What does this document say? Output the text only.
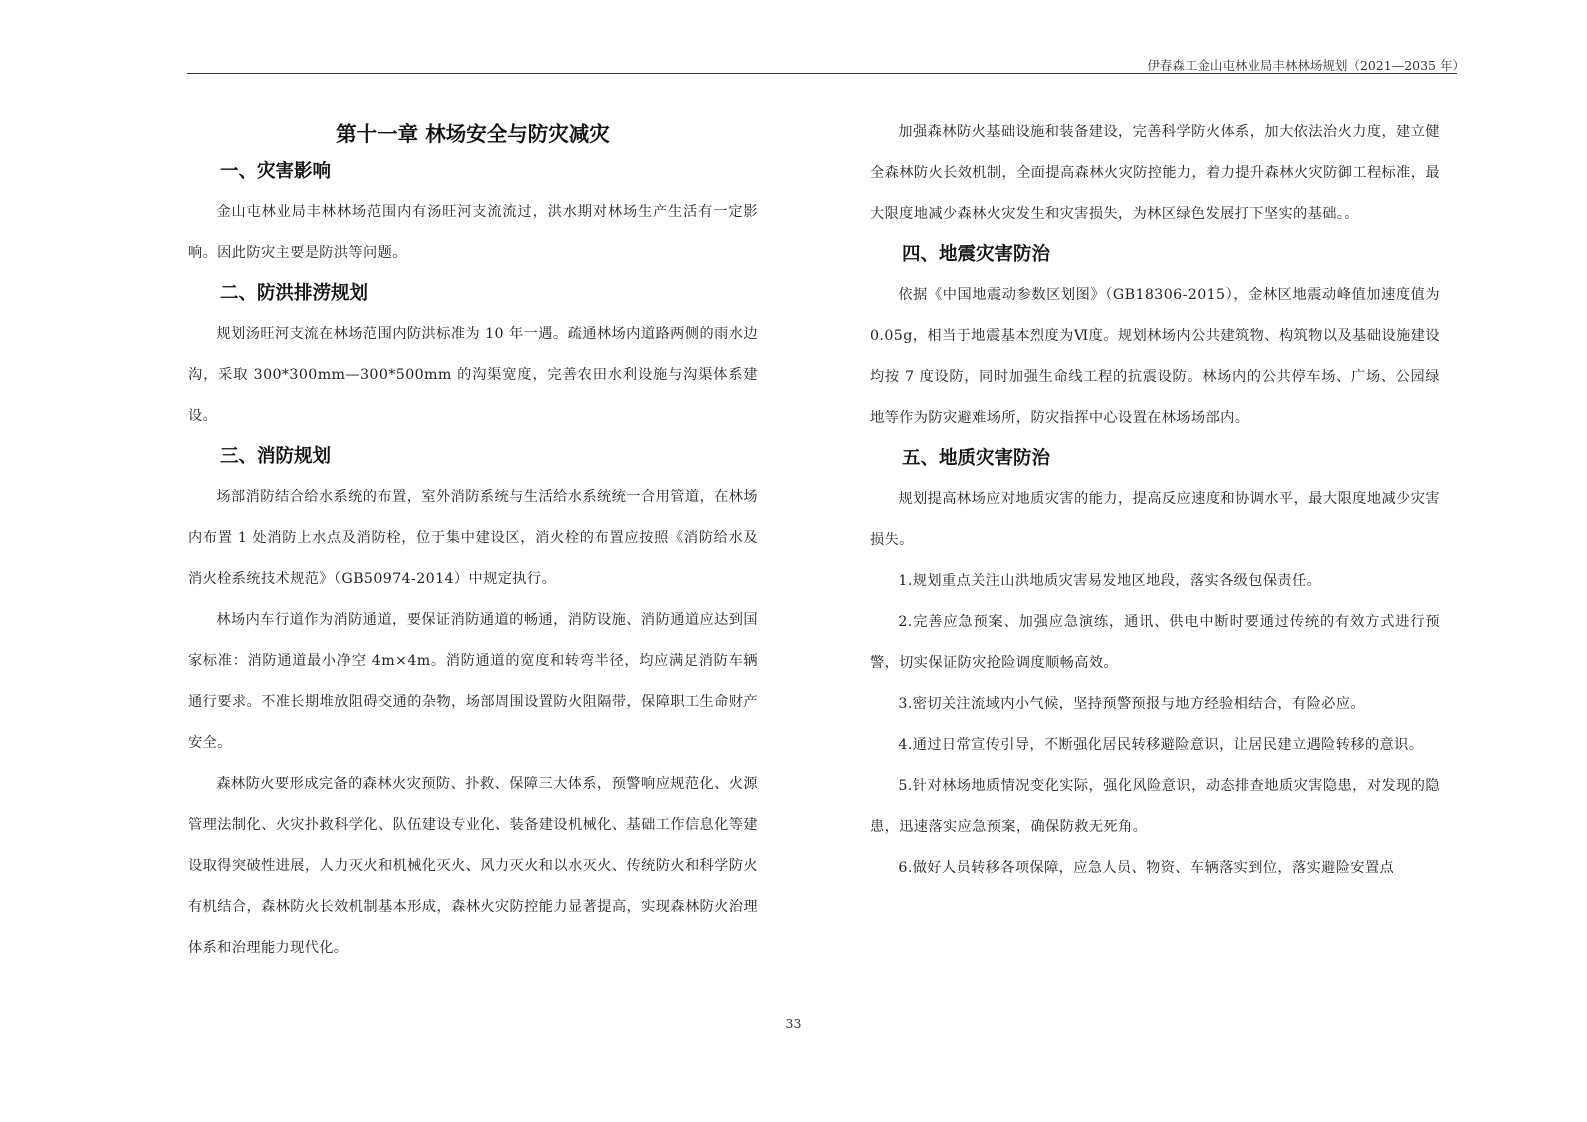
伊春森工金山屯林业局丰林林场规划（2021—2035 年）
第十一章 林场安全与防灾减灾
一、灾害影响

金山屯林业局丰林林场范围内有汤旺河支流流过，洪水期对林场生产生活有一定影响。因此防灾主要是防洪等问题。

二、防洪排涝规划

规划汤旺河支流在林场范围内防洪标准为 10 年一遇。疏通林场内道路两侧的雨水边沟，采取 300*300mm—300*500mm 的沟渠宽度，完善农田水利设施与沟渠体系建设。

三、消防规划

场部消防结合给水系统的布置，室外消防系统与生活给水系统统一合用管道，在林场内布置 1 处消防上水点及消防栓，位于集中建设区，消火栓的布置应按照《消防给水及消火栓系统技术规范》（GB50974-2014）中规定执行。

林场内车行道作为消防通道，要保证消防通道的畅通，消防设施、消防通道应达到国家标准：消防通道最小净空 4m×4m。消防通道的宽度和转弯半径，均应满足消防车辆通行要求。不准长期堆放阻碍交通的杂物，场部周围设置防火阻隔带，保障职工生命财产安全。

森林防火要形成完备的森林火灾预防、扑救、保障三大体系，预警响应规范化、火源管理法制化、火灾扑救科学化、队伍建设专业化、装备建设机械化、基础工作信息化等建设取得突破性进展，人力灭火和机械化灭火、风力灭火和以水灭火、传统防火和科学防火有机结合，森林防火长效机制基本形成，森林火灾防控能力显著提高，实现森林防火治理体系和治理能力现代化。

加强森林防火基础设施和装备建设，完善科学防火体系，加大依法治火力度，建立健全森林防火长效机制，全面提高森林火灾防控能力，着力提升森林火灾防御工程标准，最大限度地减少森林火灾发生和灾害损失，为林区绿色发展打下坚实的基础。。

四、地震灾害防治

依据《中国地震动参数区划图》（GB18306-2015），金林区地震动峰值加速度值为 0.05g，相当于地震基本烈度为Ⅵ度。规划林场内公共建筑物、构筑物以及基础设施建设均按 7 度设防，同时加强生命线工程的抗震设防。林场内的公共停车场、广场、公园绿地等作为防灾避难场所，防灾指挥中心设置在林场场部内。

五、地质灾害防治

规划提高林场应对地质灾害的能力，提高反应速度和协调水平，最大限度地减少灾害损失。

1.规划重点关注山洪地质灾害易发地区地段，落实各级包保责任。

2.完善应急预案、加强应急演练，通讯、供电中断时要通过传统的有效方式进行预警，切实保证防灾抢险调度顺畅高效。

3.密切关注流域内小气候，坚持预警预报与地方经验相结合，有险必应。

4.通过日常宣传引导，不断强化居民转移避险意识，让居民建立遇险转移的意识。

5.针对林场地质情况变化实际，强化风险意识，动态排查地质灾害隐患，对发现的隐患，迅速落实应急预案，确保防救无死角。

6.做好人员转移各项保障，应急人员、物资、车辆落实到位，落实避险安置点

33
